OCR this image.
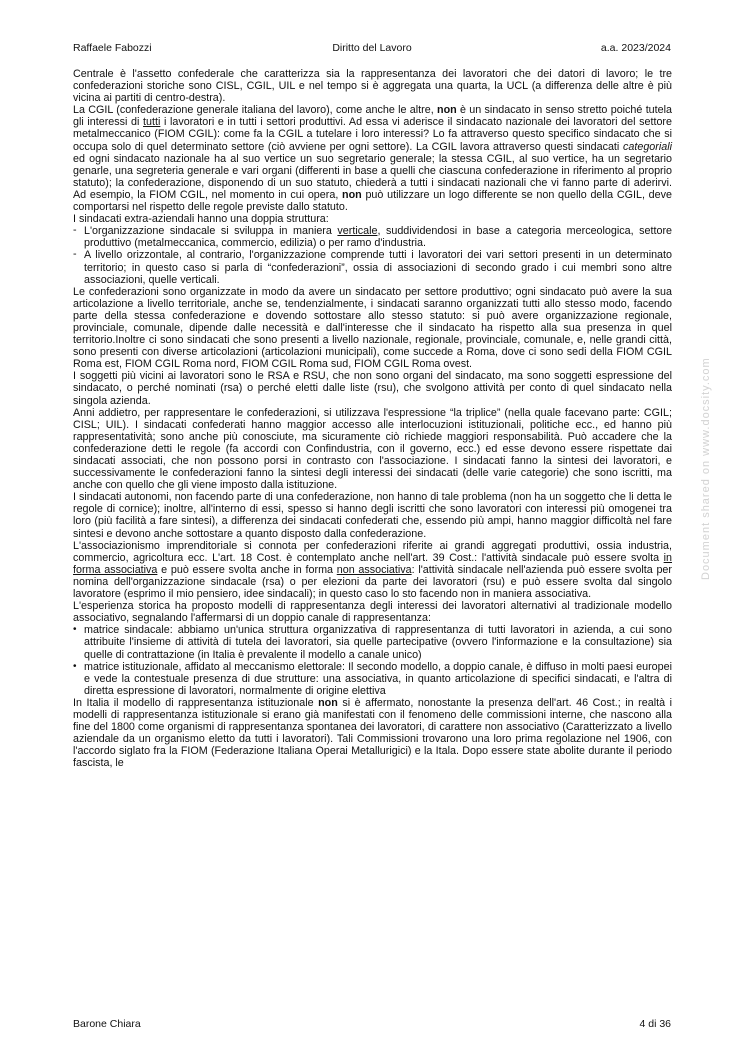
Raffaele Fabozzi	Diritto del Lavoro	a.a. 2023/2024

Centrale è l'assetto confederale che caratterizza sia la rappresentanza dei lavoratori che dei datori di lavoro; le tre confederazioni storiche sono CISL, CGIL, UIL e nel tempo si è aggregata una quarta, la UCL (a differenza delle altre è più vicina ai partiti di centro-destra).

La CGIL (confederazione generale italiana del lavoro), come anche le altre, non è un sindacato in senso stretto poiché tutela gli interessi di tutti i lavoratori e in tutti i settori produttivi. Ad essa vi aderisce il sindacato nazionale dei lavoratori del settore metalmeccanico (FIOM CGIL): come fa la CGIL a tutelare i loro interessi? Lo fa attraverso questo specifico sindacato che si occupa solo di quel determinato settore (ciò avviene per ogni settore). La CGIL lavora attraverso questi sindacati categoriali ed ogni sindacato nazionale ha al suo vertice un suo segretario generale; la stessa CGIL, al suo vertice, ha un segretario genarle, una segreteria generale e vari organi (differenti in base a quelli che ciascuna confederazione in riferimento al proprio statuto); la confederazione, disponendo di un suo statuto, chiederà a tutti i sindacati nazionali che vi fanno parte di aderirvi. Ad esempio, la FIOM CGIL, nel momento in cui opera, non può utilizzare un logo differente se non quello della CGIL, deve comportarsi nel rispetto delle regole previste dallo statuto.

I sindacati extra-aziendali hanno una doppia struttura:

- L'organizzazione sindacale si sviluppa in maniera verticale, suddividendosi in base a categoria merceologica, settore produttivo (metalmeccanica, commercio, edilizia) o per ramo d'industria.
- A livello orizzontale, al contrario, l'organizzazione comprende tutti i lavoratori dei vari settori presenti in un determinato territorio; in questo caso si parla di “confederazioni”, ossia di associazioni di secondo grado i cui membri sono altre associazioni, quelle verticali.

Le confederazioni sono organizzate in modo da avere un sindacato per settore produttivo; ogni sindacato può avere la sua articolazione a livello territoriale, anche se, tendenzialmente, i sindacati saranno organizzati tutti allo stesso modo, facendo parte della stessa confederazione e dovendo sottostare allo stesso statuto: si può avere organizzazione regionale, provinciale, comunale, dipende dalle necessità e dall'interesse che il sindacato ha rispetto alla sua presenza in quel territorio.Inoltre ci sono sindacati che sono presenti a livello nazionale, regionale, provinciale, comunale, e, nelle grandi città, sono presenti con diverse articolazioni (articolazioni municipali), come succede a Roma, dove ci sono sedi della FIOM CGIL Roma est, FIOM CGIL Roma nord, FIOM CGIL Roma sud, FIOM CGIL Roma ovest.

I soggetti più vicini ai lavoratori sono le RSA e RSU, che non sono organi del sindacato, ma sono soggetti espressione del sindacato, o perché nominati (rsa) o perché eletti dalle liste (rsu), che svolgono attività per conto di quel sindacato nella singola azienda.

Anni addietro, per rappresentare le confederazioni, si utilizzava l'espressione “la triplice” (nella quale facevano parte: CGIL; CISL; UIL). I sindacati confederati hanno maggior accesso alle interlocuzioni istituzionali, politiche ecc., ed hanno più rappresentatività; sono anche più conosciute, ma sicuramente ciò richiede maggiori responsabilità. Può accadere che la confederazione detti le regole (fa accordi con Confindustria, con il governo, ecc.) ed esse devono essere rispettate dai sindacati associati, che non possono porsi in contrasto con l'associazione. I sindacati fanno la sintesi dei lavoratori, e successivamente le confederazioni fanno la sintesi degli interessi dei sindacati (delle varie categorie) che sono iscritti, ma anche con quello che gli viene imposto dalla istituzione.

I sindacati autonomi, non facendo parte di una confederazione, non hanno di tale problema (non ha un soggetto che li detta le regole di cornice); inoltre, all'interno di essi, spesso si hanno degli iscritti che sono lavoratori con interessi più omogenei tra loro (più facilità a fare sintesi), a differenza dei sindacati confederati che, essendo più ampi, hanno maggior difficoltà nel fare sintesi e devono anche sottostare a quanto disposto dalla confederazione.

L'associazionismo imprenditoriale si connota per confederazioni riferite ai grandi aggregati produttivi, ossia industria, commercio, agricoltura ecc. L'art. 18 Cost. è contemplato anche nell'art. 39 Cost.: l'attività sindacale può essere svolta in forma associativa e può essere svolta anche in forma non associativa: l'attività sindacale nell'azienda può essere svolta per nomina dell'organizzazione sindacale (rsa) o per elezioni da parte dei lavoratori (rsu) e può essere svolta dal singolo lavoratore (esprimo il mio pensiero, idee sindacali); in questo caso lo sto facendo non in maniera associativa.

L'esperienza storica ha proposto modelli di rappresentanza degli interessi dei lavoratori alternativi al tradizionale modello associativo, segnalando l'affermarsi di un doppio canale di rappresentanza:

• matrice sindacale: abbiamo un'unica struttura organizzativa di rappresentanza di tutti lavoratori in azienda, a cui sono attribuite l'insieme di attività di tutela dei lavoratori, sia quelle partecipative (ovvero l'informazione e la consultazione) sia quelle di contrattazione (in Italia è prevalente il modello a canale unico)
• matrice istituzionale, affidato al meccanismo elettorale: Il secondo modello, a doppio canale, è diffuso in molti paesi europei e vede la contestuale presenza di due strutture: una associativa, in quanto articolazione di specifici sindacati, e l'altra di diretta espressione di lavoratori, normalmente di origine elettiva

In Italia il modello di rappresentanza istituzionale non si è affermato, nonostante la presenza dell'art. 46 Cost.; in realtà i modelli di rappresentanza istituzionale si erano già manifestati con il fenomeno delle commissioni interne, che nascono alla fine del 1800 come organismi di rappresentanza spontanea dei lavoratori, di carattere non associativo (Caratterizzato a livello aziendale da un organismo eletto da tutti i lavoratori). Tali Commissioni trovarono una loro prima regolazione nel 1906, con l'accordo siglato fra la FIOM (Federazione Italiana Operai Metallurigici) e la Itala. Dopo essere state abolite durante il periodo fascista, le

Document shared on www.docsity.com
Barone Chiara	4 di 36
